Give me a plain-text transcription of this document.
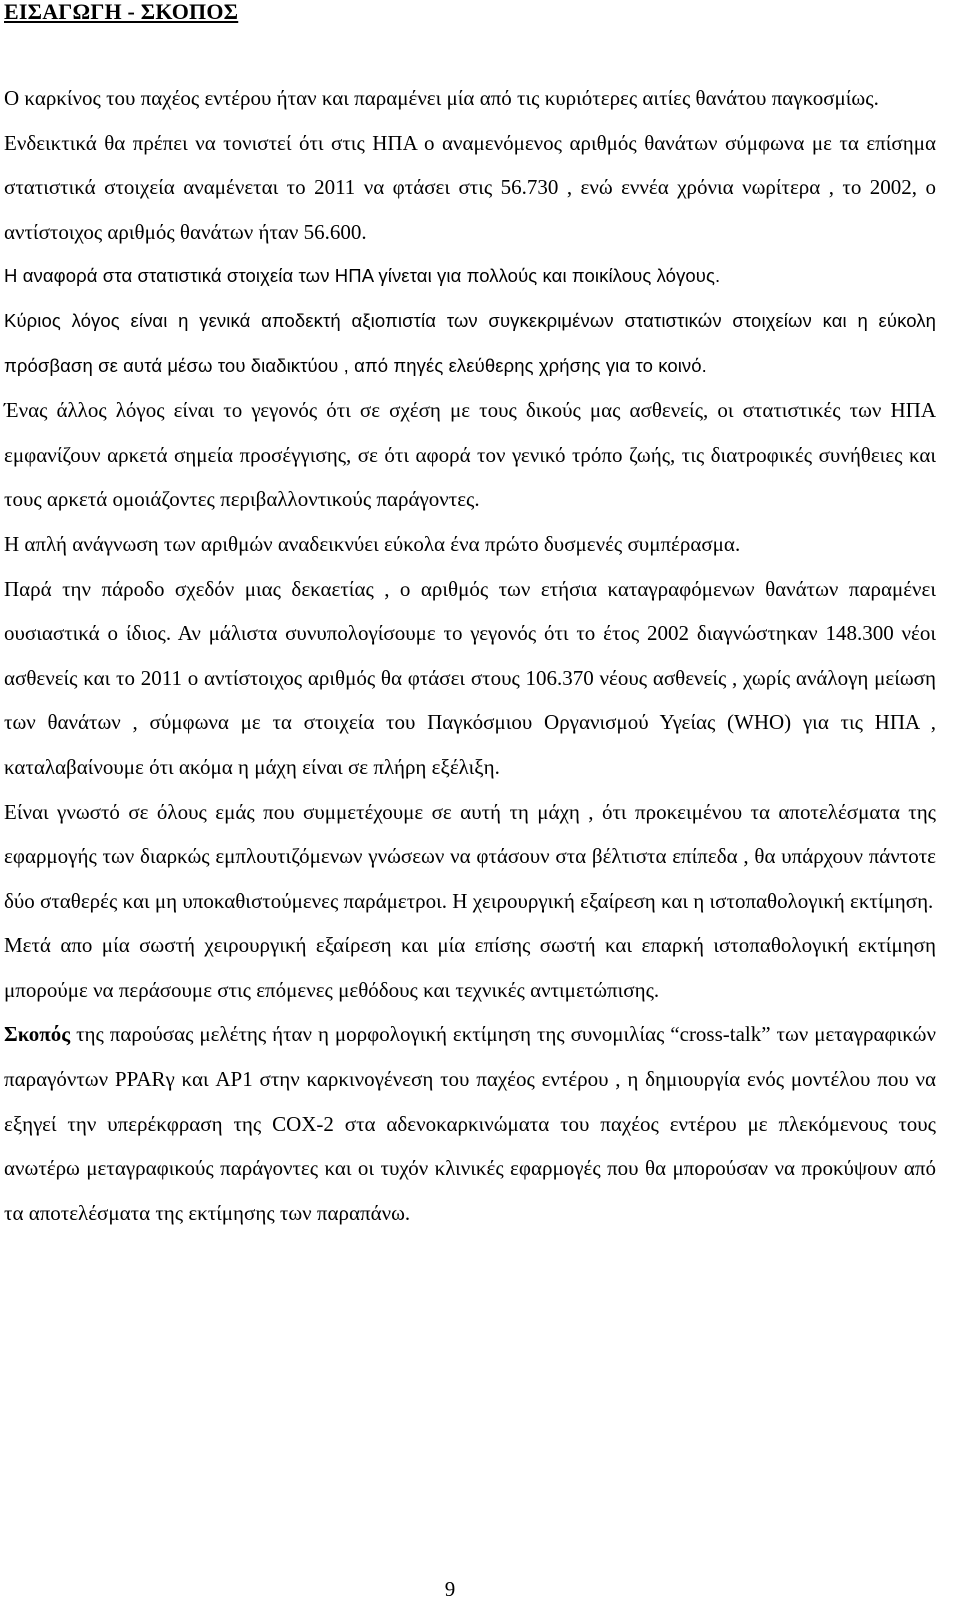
ΕΙΣΑΓΩΓΗ - ΣΚΟΠΟΣ

Ο καρκίνος του παχέος εντέρου ήταν και παραμένει μία από τις κυριότερες αιτίες θανάτου παγκοσμίως.

Ενδεικτικά θα πρέπει να τονιστεί ότι στις ΗΠΑ ο αναμενόμενος αριθμός θανάτων σύμφωνα με τα επίσημα στατιστικά στοιχεία αναμένεται το 2011 να φτάσει στις 56.730 , ενώ εννέα χρόνια νωρίτερα , το 2002, ο αντίστοιχος αριθμός θανάτων ήταν 56.600.

Η αναφορά στα στατιστικά στοιχεία των ΗΠΑ γίνεται για πολλούς και ποικίλους λόγους.

Κύριος λόγος είναι η γενικά αποδεκτή αξιοπιστία των συγκεκριμένων στατιστικών στοιχείων και η εύκολη πρόσβαση σε αυτά μέσω του διαδικτύου , από πηγές ελεύθερης χρήσης για το κοινό.

Ένας άλλος λόγος είναι το γεγονός ότι σε σχέση με τους δικούς μας ασθενείς, οι στατιστικές των ΗΠΑ εμφανίζουν αρκετά σημεία προσέγγισης, σε ότι αφορά τον γενικό τρόπο ζωής, τις διατροφικές συνήθειες και τους αρκετά ομοιάζοντες περιβαλλοντικούς παράγοντες.

Η απλή ανάγνωση των αριθμών αναδεικνύει εύκολα ένα πρώτο δυσμενές συμπέρασμα.

Παρά την πάροδο σχεδόν μιας δεκαετίας , ο αριθμός των ετήσια καταγραφόμενων θανάτων παραμένει ουσιαστικά ο ίδιος. Αν μάλιστα συνυπολογίσουμε το γεγονός ότι το έτος 2002 διαγνώστηκαν 148.300 νέοι ασθενείς και το 2011 ο αντίστοιχος αριθμός θα φτάσει στους 106.370 νέους ασθενείς , χωρίς ανάλογη μείωση των θανάτων , σύμφωνα με τα στοιχεία του Παγκόσμιου Οργανισμού Υγείας (WHO) για τις ΗΠΑ , καταλαβαίνουμε ότι ακόμα η μάχη είναι σε πλήρη εξέλιξη.

Είναι γνωστό σε όλους εμάς που συμμετέχουμε σε αυτή τη μάχη , ότι προκειμένου τα αποτελέσματα της εφαρμογής των διαρκώς εμπλουτιζόμενων γνώσεων να φτάσουν στα βέλτιστα επίπεδα , θα υπάρχουν πάντοτε δύο σταθερές και μη υποκαθιστούμενες παράμετροι. Η χειρουργική εξαίρεση και η ιστοπαθολογική εκτίμηση.

Μετά απο μία σωστή χειρουργική εξαίρεση και μία επίσης σωστή και επαρκή ιστοπαθολογική εκτίμηση μπορούμε να περάσουμε στις επόμενες μεθόδους και τεχνικές αντιμετώπισης.

Σκοπός της παρούσας μελέτης ήταν η μορφολογική εκτίμηση της συνομιλίας “cross-talk” των μεταγραφικών παραγόντων PPARγ και AP1 στην καρκινογένεση του παχέος εντέρου , η δημιουργία ενός μοντέλου που να εξηγεί την υπερέκφραση της COX-2 στα αδενοκαρκινώματα του παχέος εντέρου με πλεκόμενους τους ανωτέρω μεταγραφικούς παράγοντες και οι τυχόν κλινικές εφαρμογές που θα μπορούσαν να προκύψουν από τα αποτελέσματα της εκτίμησης των παραπάνω.

9
